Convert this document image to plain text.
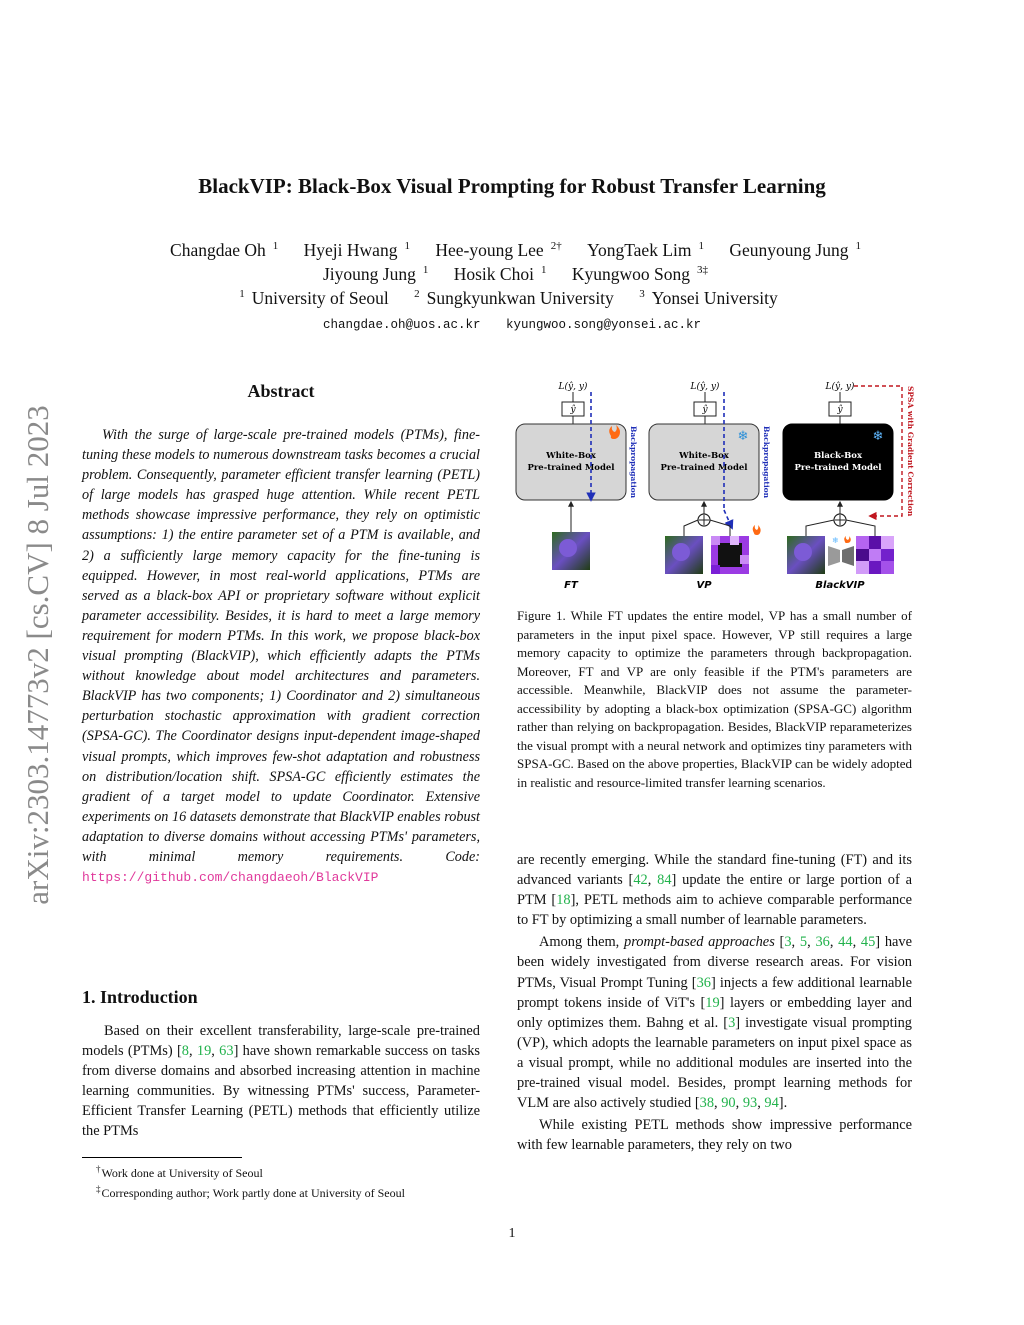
BlackVIP: Black-Box Visual Prompting for Robust Transfer Learning
Changdae Oh $^1$ Hyeji Hwang $^1$ Hee-young Lee $^{2\dagger}$ YongTaek Lim $^1$ Geunyoung Jung $^1$
Jiyoung Jung $^1$ Hosik Choi $^1$ Kyungwoo Song $^{3\ddagger}$
$^1$ University of Seoul $^2$ Sungkyunkwan University $^3$ Yonsei University
changdae.oh@uos.ac.kr kyungwoo.song@yonsei.ac.kr
arXiv:2303.14773v2 [cs.CV] 8 Jul 2023
Abstract
With the surge of large-scale pre-trained models (PTMs), fine-tuning these models to numerous downstream tasks becomes a crucial problem. Consequently, parameter efficient transfer learning (PETL) of large models has grasped huge attention. While recent PETL methods showcase impressive performance, they rely on optimistic assumptions: 1) the entire parameter set of a PTM is available, and 2) a sufficiently large memory capacity for the fine-tuning is equipped. However, in most real-world applications, PTMs are served as a black-box API or proprietary software without explicit parameter accessibility. Besides, it is hard to meet a large memory requirement for modern PTMs. In this work, we propose black-box visual prompting (BlackVIP), which efficiently adapts the PTMs without knowledge about model architectures and parameters. BlackVIP has two components; 1) Coordinator and 2) simultaneous perturbation stochastic approximation with gradient correction (SPSA-GC). The Coordinator designs input-dependent image-shaped visual prompts, which improves few-shot adaptation and robustness on distribution/location shift. SPSA-GC efficiently estimates the gradient of a target model to update Coordinator. Extensive experiments on 16 datasets demonstrate that BlackVIP enables robust adaptation to diverse domains without accessing PTMs' parameters, with minimal memory requirements. Code: https://github.com/changdaeoh/BlackVIP
1. Introduction
Based on their excellent transferability, large-scale pre-trained models (PTMs) [8, 19, 63] have shown remarkable success on tasks from diverse domains and absorbed increasing attention in machine learning communities. By witnessing PTMs' success, Parameter-Efficient Transfer Learning (PETL) methods that efficiently utilize the PTMs
†Work done at University of Seoul
‡Corresponding author; Work partly done at University of Seoul
L(ŷ, y)
ŷ
White-Box
Pre-trained Model Backpropagation
FT
L(ŷ, y)
ŷ
White-Box
Pre-trained Model
❄ Backpropagation
VP
L(ŷ, y)
ŷ
Black-Box
Pre-trained Model
❄	SPSA with Gradient Correction
❄
BlackVIP
Figure 1. While FT updates the entire model, VP has a small number of parameters in the input pixel space. However, VP still requires a large memory capacity to optimize the parameters through backpropagation. Moreover, FT and VP are only feasible if the PTM's parameters are accessible. Meanwhile, BlackVIP does not assume the parameter-accessibility by adopting a black-box optimization (SPSA-GC) algorithm rather than relying on backpropagation. Besides, BlackVIP reparameterizes the visual prompt with a neural network and optimizes tiny parameters with SPSA-GC. Based on the above properties, BlackVIP can be widely adopted in realistic and resource-limited transfer learning scenarios.
are recently emerging. While the standard fine-tuning (FT) and its advanced variants [42, 84] update the entire or large portion of a PTM [18], PETL methods aim to achieve comparable performance to FT by optimizing a small number of learnable parameters.
Among them, prompt-based approaches [3, 5, 36, 44, 45] have been widely investigated from diverse research areas. For vision PTMs, Visual Prompt Tuning [36] injects a few additional learnable prompt tokens inside of ViT's [19] layers or embedding layer and only optimizes them. Bahng et al. [3] investigate visual prompting (VP), which adopts the learnable parameters on input pixel space as a visual prompt, while no additional modules are inserted into the pre-trained visual model. Besides, prompt learning methods for VLM are also actively studied [38, 90, 93, 94].
While existing PETL methods show impressive performance with few learnable parameters, they rely on two
1
